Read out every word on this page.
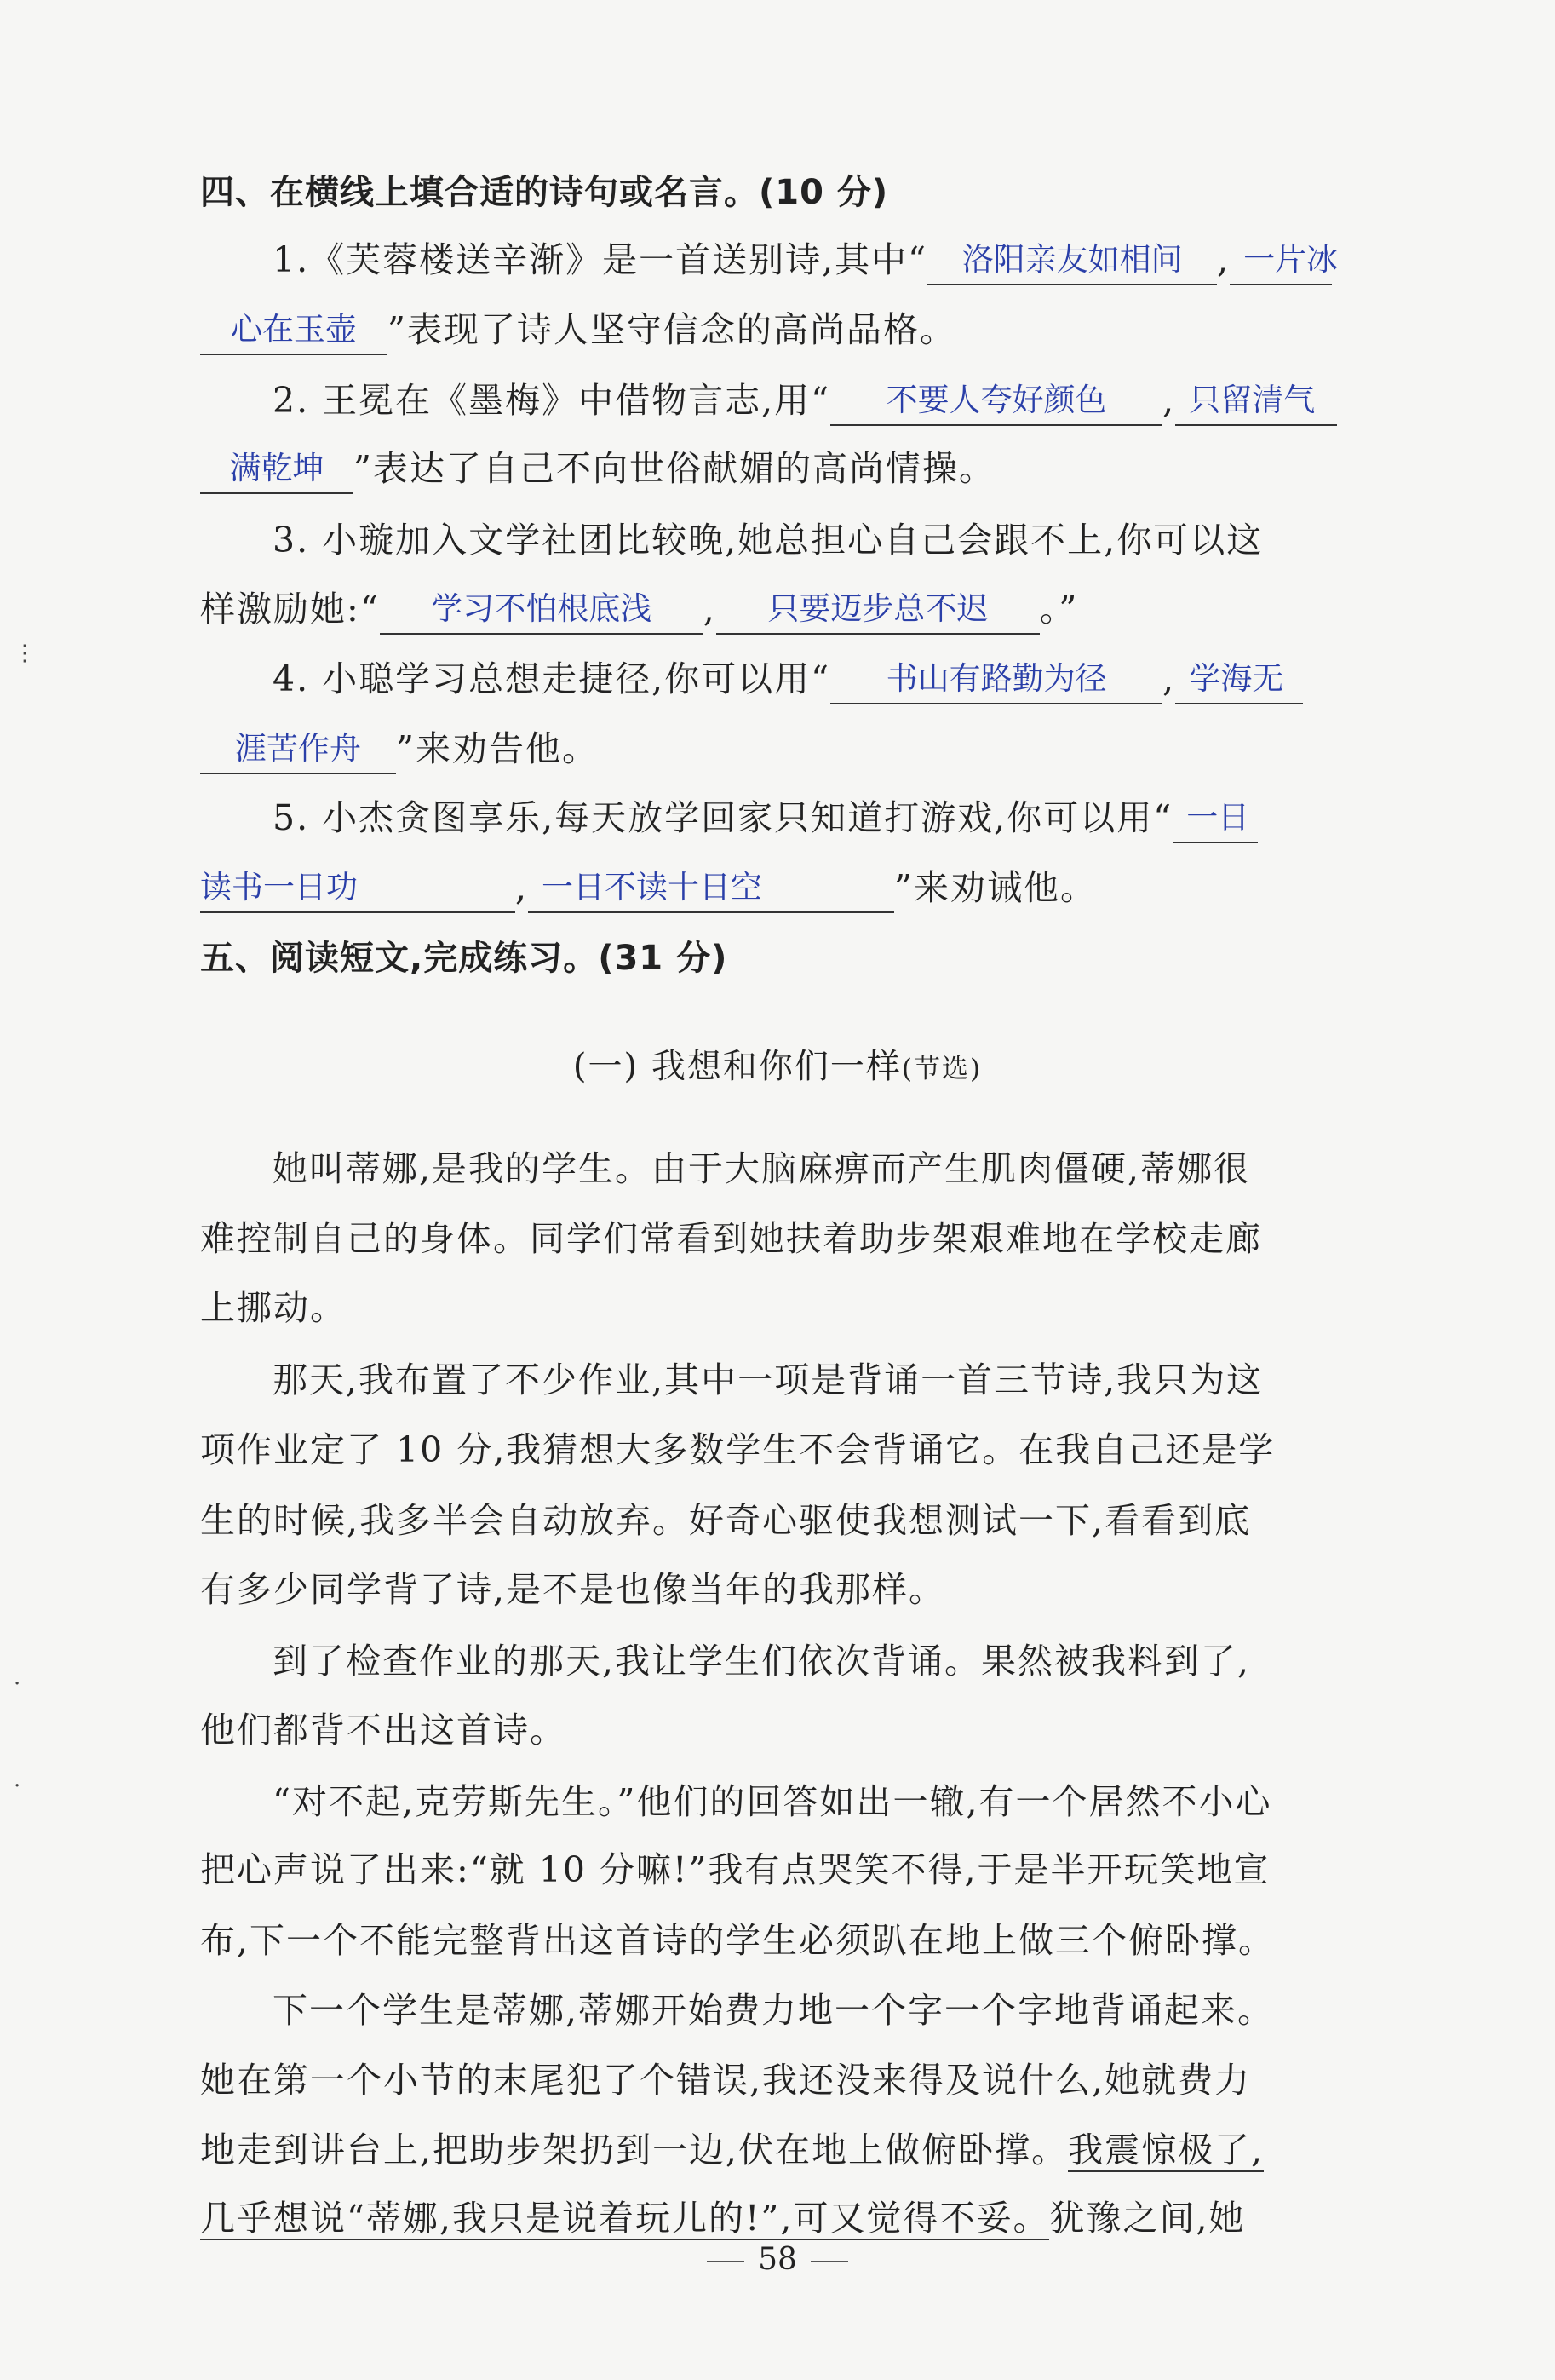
⋮
·
·
四、在横线上填合适的诗句或名言。(10 分)
1.《芙蓉楼送辛渐》是一首送别诗,其中“ 洛阳亲友如相问 , 一片冰
心在玉壶 ”表现了诗人坚守信念的高尚品格。
2. 王冕在《墨梅》中借物言志,用“ 不要人夸好颜色 , 只留清气
满乾坤 ”表达了自己不向世俗献媚的高尚情操。
3. 小璇加入文学社团比较晚,她总担心自己会跟不上,你可以这
样激励她:“ 学习不怕根底浅 , 只要迈步总不迟 。”
4. 小聪学习总想走捷径,你可以用“ 书山有路勤为径 , 学海无
涯苦作舟 ”来劝告他。
5. 小杰贪图享乐,每天放学回家只知道打游戏,你可以用“ 一日
读书一日功	, 一日不读十日空	”来劝诫他。
五、阅读短文,完成练习。(31 分)
(一) 我想和你们一样(节选)
她叫蒂娜,是我的学生。由于大脑麻痹而产生肌肉僵硬,蒂娜很
难控制自己的身体。同学们常看到她扶着助步架艰难地在学校走廊
上挪动。
那天,我布置了不少作业,其中一项是背诵一首三节诗,我只为这
项作业定了 10 分,我猜想大多数学生不会背诵它。在我自己还是学
生的时候,我多半会自动放弃。好奇心驱使我想测试一下,看看到底
有多少同学背了诗,是不是也像当年的我那样。
到了检查作业的那天,我让学生们依次背诵。果然被我料到了,
他们都背不出这首诗。
“对不起,克劳斯先生。”他们的回答如出一辙,有一个居然不小心
把心声说了出来:“就 10 分嘛!”我有点哭笑不得,于是半开玩笑地宣
布,下一个不能完整背出这首诗的学生必须趴在地上做三个俯卧撑。
下一个学生是蒂娜,蒂娜开始费力地一个字一个字地背诵起来。
她在第一个小节的末尾犯了个错误,我还没来得及说什么,她就费力
地走到讲台上,把助步架扔到一边,伏在地上做俯卧撑。我震惊极了,
几乎想说“蒂娜,我只是说着玩儿的!”,可又觉得不妥。犹豫之间,她
58
